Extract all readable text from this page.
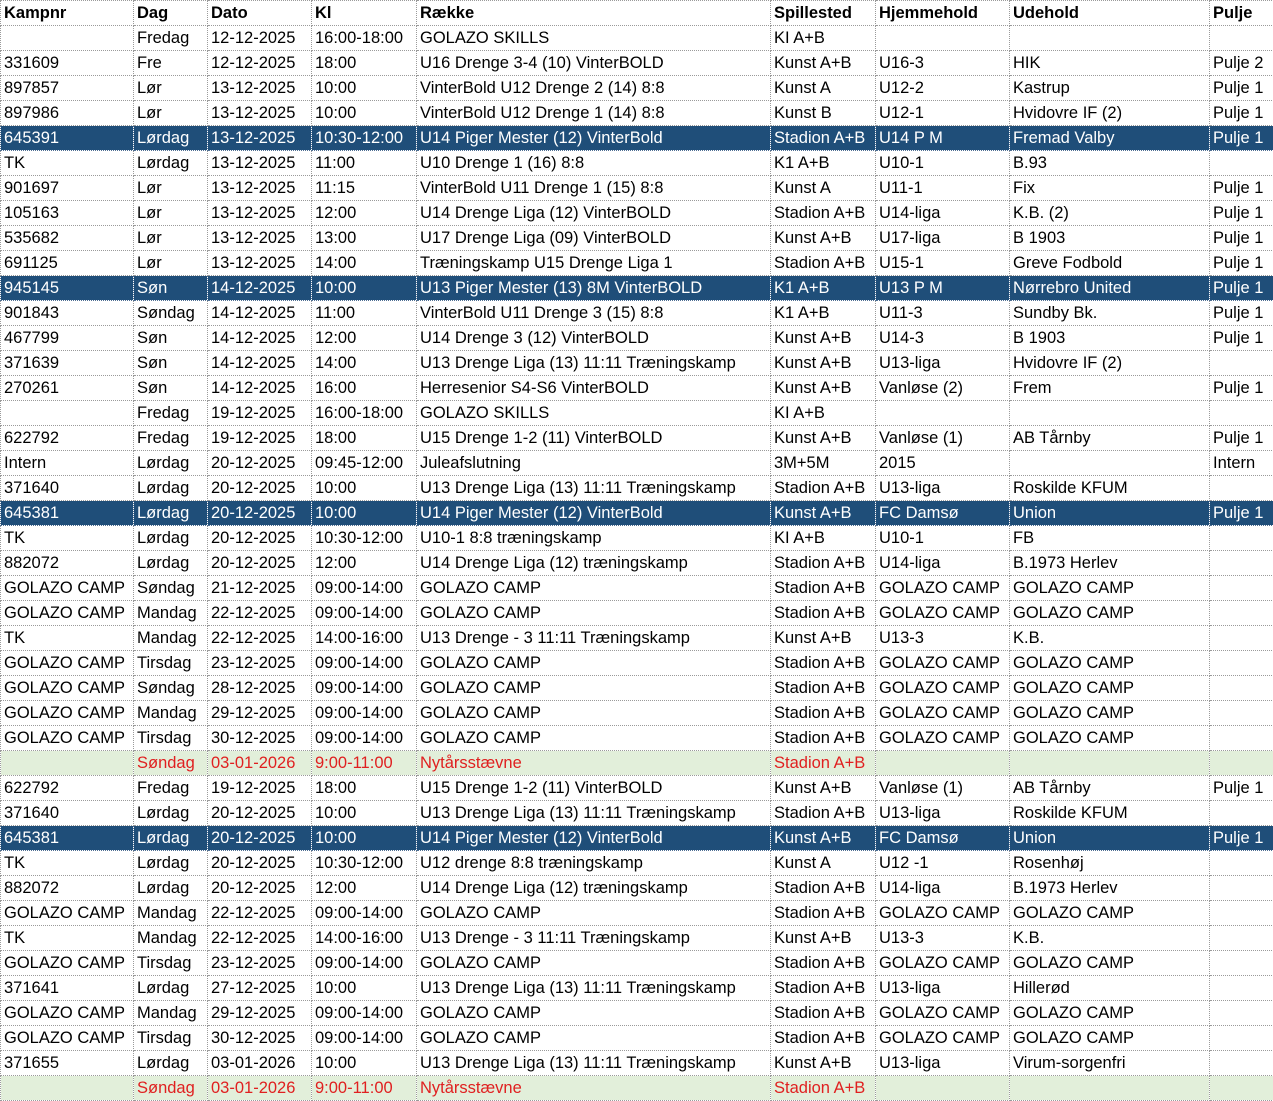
Kampnr	Dag	Dato	Kl	Række	Spillested	Hjemmehold	Udehold	Pulje
	Fredag	12-12-2025	16:00-18:00	GOLAZO SKILLS	KI A+B			
331609	Fre	12-12-2025	18:00	U16 Drenge 3-4 (10) VinterBOLD	Kunst A+B	U16-3	HIK	Pulje 2
897857	Lør	13-12-2025	10:00	VinterBold U12 Drenge 2 (14) 8:8	Kunst A	U12-2	Kastrup	Pulje 1
897986	Lør	13-12-2025	10:00	VinterBold U12 Drenge 1 (14) 8:8	Kunst B	U12-1	Hvidovre IF (2)	Pulje 1
645391	Lørdag	13-12-2025	10:30-12:00	U14 Piger Mester (12) VinterBold	Stadion A+B	U14 P M	Fremad Valby	Pulje 1
TK	Lørdag	13-12-2025	11:00	U10 Drenge 1 (16) 8:8	K1 A+B	U10-1	B.93	
901697	Lør	13-12-2025	11:15	VinterBold U11 Drenge 1 (15) 8:8	Kunst A	U11-1	Fix	Pulje 1
105163	Lør	13-12-2025	12:00	U14 Drenge Liga (12) VinterBOLD	Stadion A+B	U14-liga	K.B. (2)	Pulje 1
535682	Lør	13-12-2025	13:00	U17 Drenge Liga (09) VinterBOLD	Kunst A+B	U17-liga	B 1903	Pulje 1
691125	Lør	13-12-2025	14:00	Træningskamp U15 Drenge Liga 1	Stadion A+B	U15-1	Greve Fodbold	Pulje 1
945145	Søn	14-12-2025	10:00	U13 Piger Mester (13) 8M VinterBOLD	K1 A+B	U13 P M	Nørrebro United	Pulje 1
901843	Søndag	14-12-2025	11:00	VinterBold U11 Drenge 3 (15) 8:8	K1 A+B	U11-3	Sundby Bk.	Pulje 1
467799	Søn	14-12-2025	12:00	U14 Drenge 3 (12) VinterBOLD	Kunst A+B	U14-3	B 1903	Pulje 1
371639	Søn	14-12-2025	14:00	U13 Drenge Liga (13) 11:11 Træningskamp	Kunst A+B	U13-liga	Hvidovre IF (2)	
270261	Søn	14-12-2025	16:00	Herresenior S4-S6 VinterBOLD	Kunst A+B	Vanløse (2)	Frem	Pulje 1
	Fredag	19-12-2025	16:00-18:00	GOLAZO SKILLS	KI A+B			
622792	Fredag	19-12-2025	18:00	U15 Drenge 1-2 (11) VinterBOLD	Kunst A+B	Vanløse (1)	AB Tårnby	Pulje 1
Intern	Lørdag	20-12-2025	09:45-12:00	Juleafslutning	3M+5M	2015		Intern
371640	Lørdag	20-12-2025	10:00	U13 Drenge Liga (13) 11:11 Træningskamp	Stadion A+B	U13-liga	Roskilde KFUM	
645381	Lørdag	20-12-2025	10:00	U14 Piger Mester (12) VinterBold	Kunst A+B	FC Damsø	Union	Pulje 1
TK	Lørdag	20-12-2025	10:30-12:00	U10-1 8:8 træningskamp	KI A+B	U10-1	FB	
882072	Lørdag	20-12-2025	12:00	U14 Drenge Liga (12) træningskamp	Stadion A+B	U14-liga	B.1973 Herlev	
GOLAZO CAMP	Søndag	21-12-2025	09:00-14:00	GOLAZO CAMP	Stadion A+B	GOLAZO CAMP	GOLAZO CAMP	
GOLAZO CAMP	Mandag	22-12-2025	09:00-14:00	GOLAZO CAMP	Stadion A+B	GOLAZO CAMP	GOLAZO CAMP	
TK	Mandag	22-12-2025	14:00-16:00	U13 Drenge - 3 11:11 Træningskamp	Kunst A+B	U13-3	K.B.	
GOLAZO CAMP	Tirsdag	23-12-2025	09:00-14:00	GOLAZO CAMP	Stadion A+B	GOLAZO CAMP	GOLAZO CAMP	
GOLAZO CAMP	Søndag	28-12-2025	09:00-14:00	GOLAZO CAMP	Stadion A+B	GOLAZO CAMP	GOLAZO CAMP	
GOLAZO CAMP	Mandag	29-12-2025	09:00-14:00	GOLAZO CAMP	Stadion A+B	GOLAZO CAMP	GOLAZO CAMP	
GOLAZO CAMP	Tirsdag	30-12-2025	09:00-14:00	GOLAZO CAMP	Stadion A+B	GOLAZO CAMP	GOLAZO CAMP	
	Søndag	03-01-2026	9:00-11:00	Nytårsstævne	Stadion A+B			
622792	Fredag	19-12-2025	18:00	U15 Drenge 1-2 (11) VinterBOLD	Kunst A+B	Vanløse (1)	AB Tårnby	Pulje 1
371640	Lørdag	20-12-2025	10:00	U13 Drenge Liga (13) 11:11 Træningskamp	Stadion A+B	U13-liga	Roskilde KFUM	
645381	Lørdag	20-12-2025	10:00	U14 Piger Mester (12) VinterBold	Kunst A+B	FC Damsø	Union	Pulje 1
TK	Lørdag	20-12-2025	10:30-12:00	U12 drenge 8:8 træningskamp	Kunst A	U12 -1	Rosenhøj	
882072	Lørdag	20-12-2025	12:00	U14 Drenge Liga (12) træningskamp	Stadion A+B	U14-liga	B.1973 Herlev	
GOLAZO CAMP	Mandag	22-12-2025	09:00-14:00	GOLAZO CAMP	Stadion A+B	GOLAZO CAMP	GOLAZO CAMP	
TK	Mandag	22-12-2025	14:00-16:00	U13 Drenge - 3 11:11 Træningskamp	Kunst A+B	U13-3	K.B.	
GOLAZO CAMP	Tirsdag	23-12-2025	09:00-14:00	GOLAZO CAMP	Stadion A+B	GOLAZO CAMP	GOLAZO CAMP	
371641	Lørdag	27-12-2025	10:00	U13 Drenge Liga (13) 11:11 Træningskamp	Stadion A+B	U13-liga	Hillerød	
GOLAZO CAMP	Mandag	29-12-2025	09:00-14:00	GOLAZO CAMP	Stadion A+B	GOLAZO CAMP	GOLAZO CAMP	
GOLAZO CAMP	Tirsdag	30-12-2025	09:00-14:00	GOLAZO CAMP	Stadion A+B	GOLAZO CAMP	GOLAZO CAMP	
371655	Lørdag	03-01-2026	10:00	U13 Drenge Liga (13) 11:11 Træningskamp	Kunst A+B	U13-liga	Virum-sorgenfri	
	Søndag	03-01-2026	9:00-11:00	Nytårsstævne	Stadion A+B			
